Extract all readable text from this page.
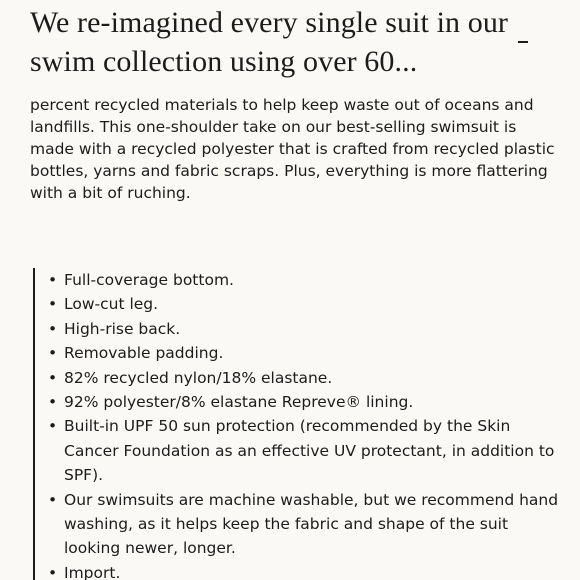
We re-imagined every single suit in our swim collection using over 60...

percent recycled materials to help keep waste out of oceans and landfills. This one-shoulder take on our best-selling swimsuit is made with a recycled polyester that is crafted from recycled plastic bottles, yarns and fabric scraps. Plus, everything is more flattering with a bit of ruching.

• Full-coverage bottom.
• Low-cut leg.
• High-rise back.
• Removable padding.
• 82% recycled nylon/18% elastane.
• 92% polyester/8% elastane Repreve® lining.
• Built-in UPF 50 sun protection (recommended by the Skin Cancer Foundation as an effective UV protectant, in addition to SPF).
• Our swimsuits are machine washable, but we recommend hand washing, as it helps keep the fabric and shape of the suit looking newer, longer.
• Import.
